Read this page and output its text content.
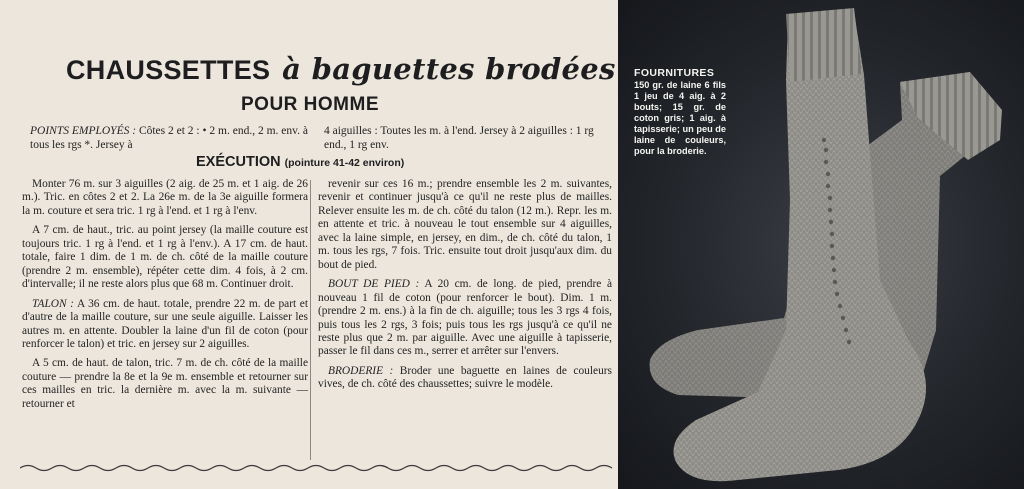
CHAUSSETTES à baguettes brodées
POUR HOMME
POINTS EMPLOYÉS : Côtes 2 et 2 : • 2 m. end., 2 m. env. à tous les rgs *. Jersey à
4 aiguilles : Toutes les m. à l'end. Jersey à 2 aiguilles : 1 rg end., 1 rg env.
EXÉCUTION (pointure 41-42 environ)

Monter 76 m. sur 3 aiguilles (2 aig. de 25 m. et 1 aig. de 26 m.). Tric. en côtes 2 et 2. La 26e m. de la 3e aiguille formera la m. couture et sera tric. 1 rg à l'end. et 1 rg à l'env.

A 7 cm. de haut., tric. au point jersey (la maille couture est toujours tric. 1 rg à l'end. et 1 rg à l'env.). A 17 cm. de haut. totale, faire 1 dim. de 1 m. de ch. côté de la maille couture (prendre 2 m. ensemble), répéter cette dim. 4 fois, à 2 cm. d'intervalle; il ne reste alors plus que 68 m. Continuer droit.

TALON : A 36 cm. de haut. totale, prendre 22 m. de part et d'autre de la maille couture, sur une seule aiguille. Laisser les autres m. en attente. Doubler la laine d'un fil de coton (pour renforcer le talon) et tric. en jersey sur 2 aiguilles.

A 5 cm. de haut. de talon, tric. 7 m. de ch. côté de la maille couture — prendre la 8e et la 9e m. ensemble et retourner sur ces mailles en tric. la dernière m. avec la m. suivante — retourner et

revenir sur ces 16 m.; prendre ensemble les 2 m. suivantes, revenir et continuer jusqu'à ce qu'il ne reste plus de mailles. Relever ensuite les m. de ch. côté du talon (12 m.). Repr. les m. en attente et tric. à nouveau le tout ensemble sur 4 aiguilles, avec la laine simple, en jersey, en dim., de ch. côté du talon, 1 m. tous les rgs, 7 fois. Tric. ensuite tout droit jusqu'aux dim. du bout de pied.

BOUT DE PIED : A 20 cm. de long. de pied, prendre à nouveau 1 fil de coton (pour renforcer le bout). Dim. 1 m. (prendre 2 m. ens.) à la fin de ch. aiguille; tous les 3 rgs 4 fois, puis tous les 2 rgs, 3 fois; puis tous les rgs jusqu'à ce qu'il ne reste plus que 2 m. par aiguille. Avec une aiguille à tapisserie, passer le fil dans ces m., serrer et arrêter sur l'envers.

BRODERIE : Broder une baguette en laines de couleurs vives, de ch. côté des chaussettes; suivre le modèle.

FOURNITURES
150 gr. de laine 6 fils 1 jeu de 4 aig. à 2 bouts; 15 gr. de coton gris; 1 aig. à tapisserie; un peu de laine de couleurs, pour la broderie.
